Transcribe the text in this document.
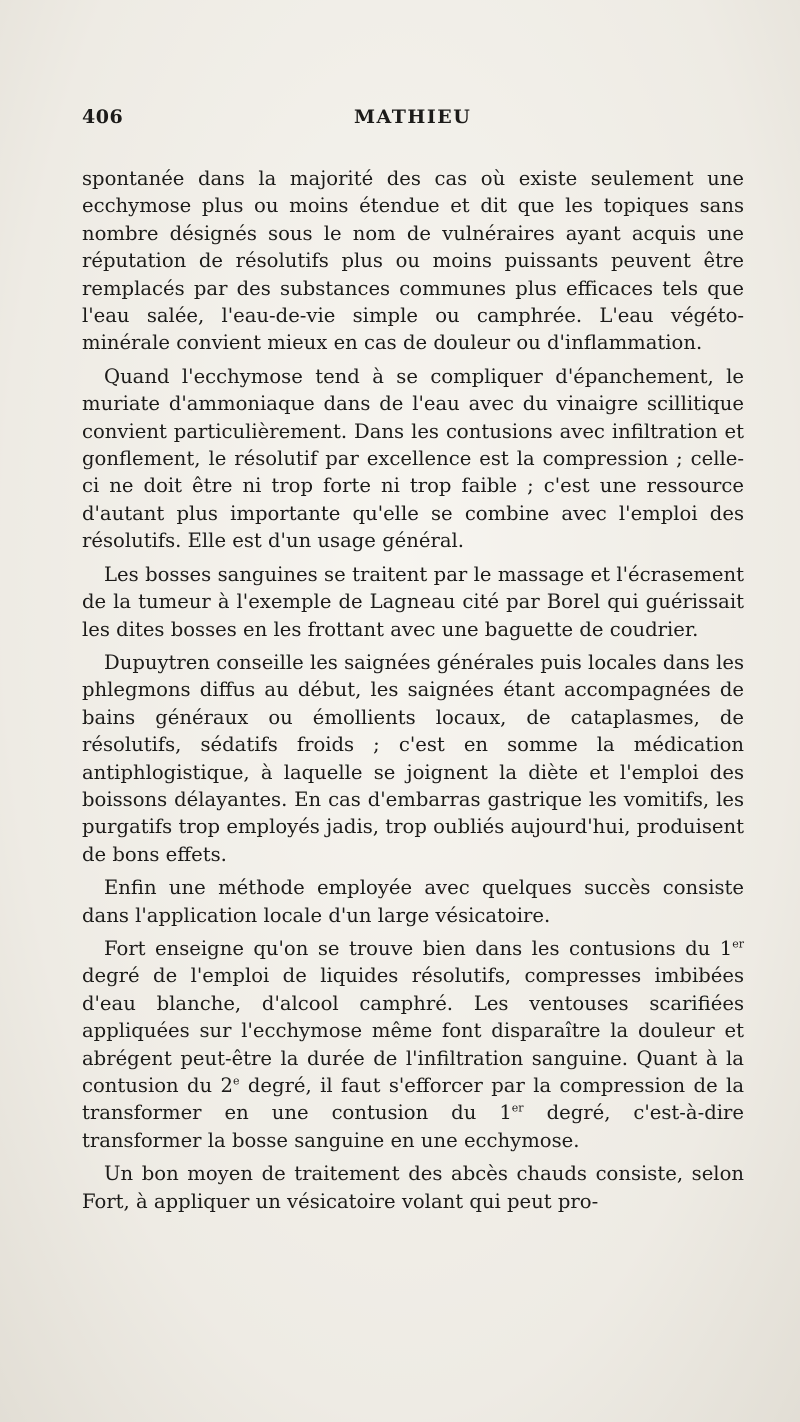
406	MATHIEU

spontanée dans la majorité des cas où existe seulement une ecchymose plus ou moins étendue et dit que les topiques sans nombre désignés sous le nom de vulnéraires ayant acquis une réputation de résolutifs plus ou moins puissants peuvent être remplacés par des substances communes plus efficaces tels que l'eau salée, l'eau-de-vie simple ou camphrée. L'eau végéto-minérale convient mieux en cas de douleur ou d'inflammation.

Quand l'ecchymose tend à se compliquer d'épanchement, le muriate d'ammoniaque dans de l'eau avec du vinaigre scillitique convient particulièrement. Dans les contusions avec infiltration et gonflement, le résolutif par excellence est la compression ; celle-ci ne doit être ni trop forte ni trop faible ; c'est une ressource d'autant plus importante qu'elle se combine avec l'emploi des résolutifs. Elle est d'un usage général.

Les bosses sanguines se traitent par le massage et l'écrasement de la tumeur à l'exemple de Lagneau cité par Borel qui guérissait les dites bosses en les frottant avec une baguette de coudrier.

Dupuytren conseille les saignées générales puis locales dans les phlegmons diffus au début, les saignées étant accompagnées de bains généraux ou émollients locaux, de cataplasmes, de résolutifs, sédatifs froids ; c'est en somme la médication antiphlogistique, à laquelle se joignent la diète et l'emploi des boissons délayantes. En cas d'embarras gastrique les vomitifs, les purgatifs trop employés jadis, trop oubliés aujourd'hui, produisent de bons effets.

Enfin une méthode employée avec quelques succès consiste dans l'application locale d'un large vésicatoire.

Fort enseigne qu'on se trouve bien dans les contusions du 1er degré de l'emploi de liquides résolutifs, compresses imbibées d'eau blanche, d'alcool camphré. Les ventouses scarifiées appliquées sur l'ecchymose même font disparaître la douleur et abrégent peut-être la durée de l'infiltration sanguine. Quant à la contusion du 2e degré, il faut s'efforcer par la compression de la transformer en une contusion du 1er degré, c'est-à-dire transformer la bosse sanguine en une ecchymose.

Un bon moyen de traitement des abcès chauds consiste, selon Fort, à appliquer un vésicatoire volant qui peut pro-
